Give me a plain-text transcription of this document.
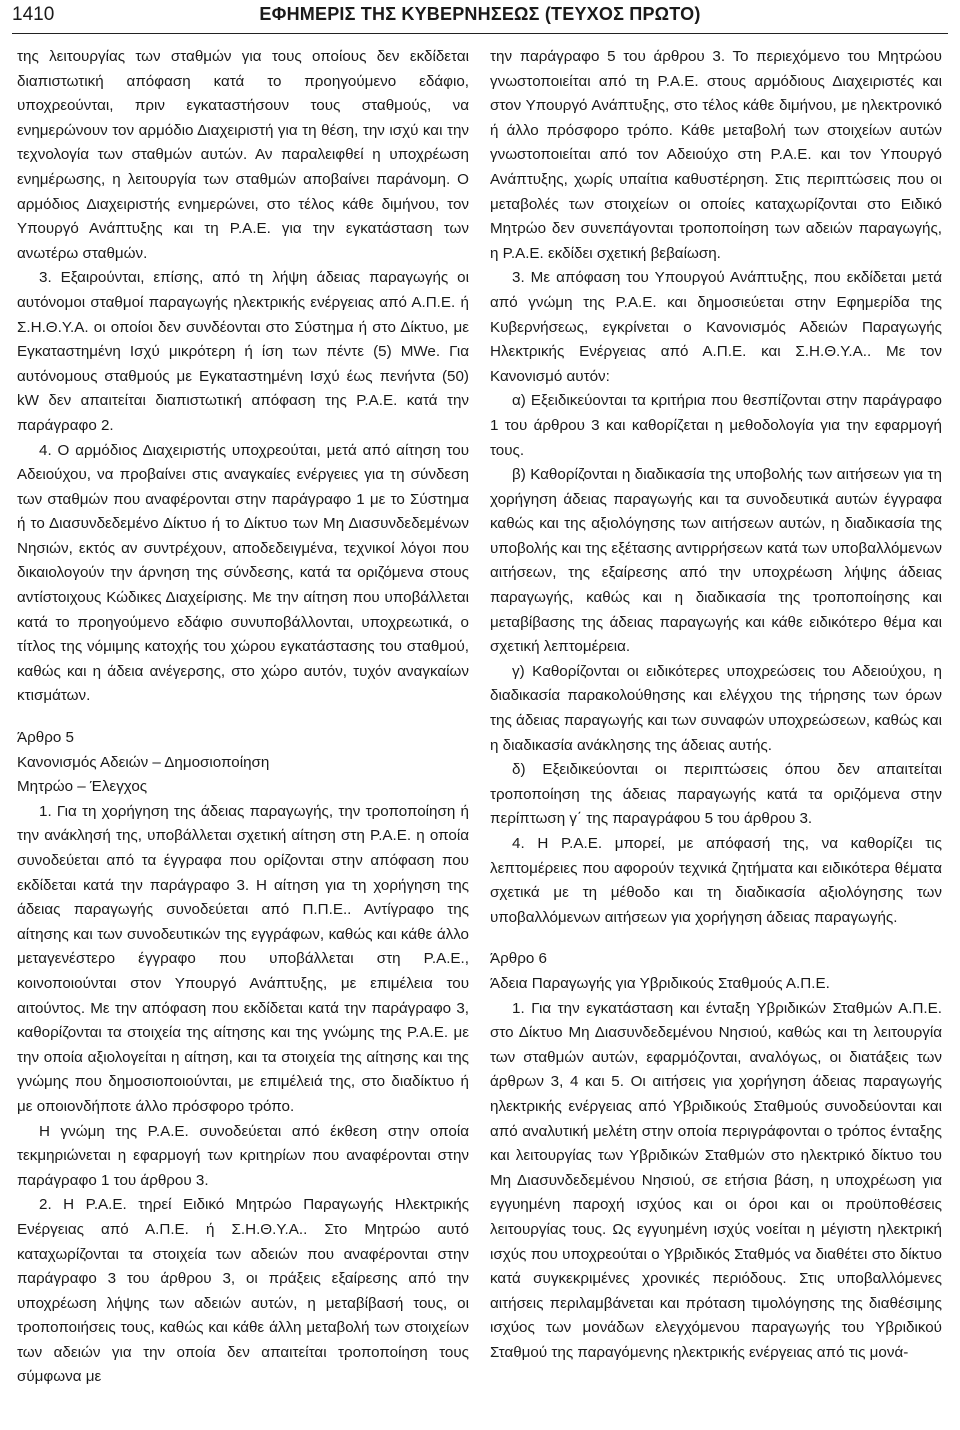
1410	ΕΦΗΜΕΡΙΣ ΤΗΣ ΚΥΒΕΡΝΗΣΕΩΣ (ΤΕΥΧΟΣ ΠΡΩΤΟ)

της λειτουργίας των σταθμών για τους οποίους δεν εκδίδεται διαπιστωτική απόφαση κατά το προηγούμενο εδάφιο, υποχρεούνται, πριν εγκαταστήσουν τους σταθμούς, να ενημερώνουν τον αρμόδιο Διαχειριστή για τη θέση, την ισχύ και την τεχνολογία των σταθμών αυτών. Αν παραλειφθεί η υποχρέωση ενημέρωσης, η λειτουργία των σταθμών αποβαίνει παράνομη. Ο αρμόδιος Διαχειριστής ενημερώνει, στο τέλος κάθε διμήνου, τον Υπουργό Ανάπτυξης και τη Ρ.Α.Ε. για την εγκατάσταση των ανωτέρω σταθμών.

3. Εξαιρούνται, επίσης, από τη λήψη άδειας παραγωγής οι αυτόνομοι σταθμοί παραγωγής ηλεκτρικής ενέργειας από Α.Π.Ε. ή Σ.Η.Θ.Υ.Α. οι οποίοι δεν συνδέονται στο Σύστημα ή στο Δίκτυο, με Εγκαταστημένη Ισχύ μικρότερη ή ίση των πέντε (5) MWe. Για αυτόνομους σταθμούς με Εγκαταστημένη Ισχύ έως πενήντα (50) kW δεν απαιτείται διαπιστωτική απόφαση της Ρ.Α.Ε. κατά την παράγραφο 2.

4. Ο αρμόδιος Διαχειριστής υποχρεούται, μετά από αίτηση του Αδειούχου, να προβαίνει στις αναγκαίες ενέργειες για τη σύνδεση των σταθμών που αναφέρονται στην παράγραφο 1 με το Σύστημα ή το Διασυνδεδεμένο Δίκτυο ή το Δίκτυο των Μη Διασυνδεδεμένων Νησιών, εκτός αν συντρέχουν, αποδεδειγμένα, τεχνικοί λόγοι που δικαιολογούν την άρνηση της σύνδεσης, κατά τα οριζόμενα στους αντίστοιχους Κώδικες Διαχείρισης. Με την αίτηση που υποβάλλεται κατά το προηγούμενο εδάφιο συνυποβάλλονται, υποχρεωτικά, ο τίτλος της νόμιμης κατοχής του χώρου εγκατάστασης του σταθμού, καθώς και η άδεια ανέγερσης, στο χώρο αυτόν, τυχόν αναγκαίων κτισμάτων.

Άρθρο 5

Κανονισμός Αδειών – Δημοσιοποίηση

Μητρώο – Έλεγχος

1. Για τη χορήγηση της άδειας παραγωγής, την τροποποίηση ή την ανάκλησή της, υποβάλλεται σχετική αίτηση στη Ρ.Α.Ε. η οποία συνοδεύεται από τα έγγραφα που ορίζονται στην απόφαση που εκδίδεται κατά την παράγραφο 3. Η αίτηση για τη χορήγηση της άδειας παραγωγής συνοδεύεται από Π.Π.Ε.. Αντίγραφο της αίτησης και των συνοδευτικών της εγγράφων, καθώς και κάθε άλλο μεταγενέστερο έγγραφο που υποβάλλεται στη Ρ.Α.Ε., κοινοποιούνται στον Υπουργό Ανάπτυξης, με επιμέλεια του αιτούντος. Με την απόφαση που εκδίδεται κατά την παράγραφο 3, καθορίζονται τα στοιχεία της αίτησης και της γνώμης της Ρ.Α.Ε. με την οποία αξιολογείται η αίτηση, και τα στοιχεία της αίτησης και της γνώμης που δημοσιοποιούνται, με επιμέλειά της, στο διαδίκτυο ή με οποιονδήποτε άλλο πρόσφορο τρόπο.

Η γνώμη της Ρ.Α.Ε. συνοδεύεται από έκθεση στην οποία τεκμηριώνεται η εφαρμογή των κριτηρίων που αναφέρονται στην παράγραφο 1 του άρθρου 3.

2. Η Ρ.Α.Ε. τηρεί Ειδικό Μητρώο Παραγωγής Ηλεκτρικής Ενέργειας από Α.Π.Ε. ή Σ.Η.Θ.Υ.Α.. Στο Μητρώο αυτό καταχωρίζονται τα στοιχεία των αδειών που αναφέρονται στην παράγραφο 3 του άρθρου 3, οι πράξεις εξαίρεσης από την υποχρέωση λήψης των αδειών αυτών, η μεταβίβασή τους, οι τροποποιήσεις τους, καθώς και κάθε άλλη μεταβολή των στοιχείων των αδειών για την οποία δεν απαιτείται τροποποίηση τους σύμφωνα με

την παράγραφο 5 του άρθρου 3. Το περιεχόμενο του Μητρώου γνωστοποιείται από τη Ρ.Α.Ε. στους αρμόδιους Διαχειριστές και στον Υπουργό Ανάπτυξης, στο τέλος κάθε διμήνου, με ηλεκτρονικό ή άλλο πρόσφορο τρόπο. Κάθε μεταβολή των στοιχείων αυτών γνωστοποιείται από τον Αδειούχο στη Ρ.Α.Ε. και τον Υπουργό Ανάπτυξης, χωρίς υπαίτια καθυστέρηση. Στις περιπτώσεις που οι μεταβολές των στοιχείων οι οποίες καταχωρίζονται στο Ειδικό Μητρώο δεν συνεπάγονται τροποποίηση των αδειών παραγωγής, η Ρ.Α.Ε. εκδίδει σχετική βεβαίωση.

3. Με απόφαση του Υπουργού Ανάπτυξης, που εκδίδεται μετά από γνώμη της Ρ.Α.Ε. και δημοσιεύεται στην Εφημερίδα της Κυβερνήσεως, εγκρίνεται ο Κανονισμός Αδειών Παραγωγής Ηλεκτρικής Ενέργειας από Α.Π.Ε. και Σ.Η.Θ.Υ.Α.. Με τον Κανονισμό αυτόν:

α) Εξειδικεύονται τα κριτήρια που θεσπίζονται στην παράγραφο 1 του άρθρου 3 και καθορίζεται η μεθοδολογία για την εφαρμογή τους.

β) Καθορίζονται η διαδικασία της υποβολής των αιτήσεων για τη χορήγηση άδειας παραγωγής και τα συνοδευτικά αυτών έγγραφα καθώς και της αξιολόγησης των αιτήσεων αυτών, η διαδικασία της υποβολής και της εξέτασης αντιρρήσεων κατά των υποβαλλόμενων αιτήσεων, της εξαίρεσης από την υποχρέωση λήψης άδειας παραγωγής, καθώς και η διαδικασία της τροποποίησης και μεταβίβασης της άδειας παραγωγής και κάθε ειδικότερο θέμα και σχετική λεπτομέρεια.

γ) Καθορίζονται οι ειδικότερες υποχρεώσεις του Αδειούχου, η διαδικασία παρακολούθησης και ελέγχου της τήρησης των όρων της άδειας παραγωγής και των συναφών υποχρεώσεων, καθώς και η διαδικασία ανάκλησης της άδειας αυτής.

δ) Εξειδικεύονται οι περιπτώσεις όπου δεν απαιτείται τροποποίηση της άδειας παραγωγής κατά τα οριζόμενα στην περίπτωση γ΄ της παραγράφου 5 του άρθρου 3.

4. Η Ρ.Α.Ε. μπορεί, με απόφασή της, να καθορίζει τις λεπτομέρειες που αφορούν τεχνικά ζητήματα και ειδικότερα θέματα σχετικά με τη μέθοδο και τη διαδικασία αξιολόγησης των υποβαλλόμενων αιτήσεων για χορήγηση άδειας παραγωγής.

Άρθρο 6

Άδεια Παραγωγής για Υβριδικούς Σταθμούς Α.Π.Ε.

1. Για την εγκατάσταση και ένταξη Υβριδικών Σταθμών Α.Π.Ε. στο Δίκτυο Μη Διασυνδεδεμένου Νησιού, καθώς και τη λειτουργία των σταθμών αυτών, εφαρμόζονται, αναλόγως, οι διατάξεις των άρθρων 3, 4 και 5. Οι αιτήσεις για χορήγηση άδειας παραγωγής ηλεκτρικής ενέργειας από Υβριδικούς Σταθμούς συνοδεύονται και από αναλυτική μελέτη στην οποία περιγράφονται ο τρόπος ένταξης και λειτουργίας των Υβριδικών Σταθμών στο ηλεκτρικό δίκτυο του Μη Διασυνδεδεμένου Νησιού, σε ετήσια βάση, η υποχρέωση για εγγυημένη παροχή ισχύος και οι όροι και οι προϋποθέσεις λειτουργίας τους. Ως εγγυημένη ισχύς νοείται η μέγιστη ηλεκτρική ισχύς που υποχρεούται ο Υβριδικός Σταθμός να διαθέτει στο δίκτυο κατά συγκεκριμένες χρονικές περιόδους. Στις υποβαλλόμενες αιτήσεις περιλαμβάνεται και πρόταση τιμολόγησης της διαθέσιμης ισχύος των μονάδων ελεγχόμενου παραγωγής του Υβριδικού Σταθμού της παραγόμενης ηλεκτρικής ενέργειας από τις μονά-
